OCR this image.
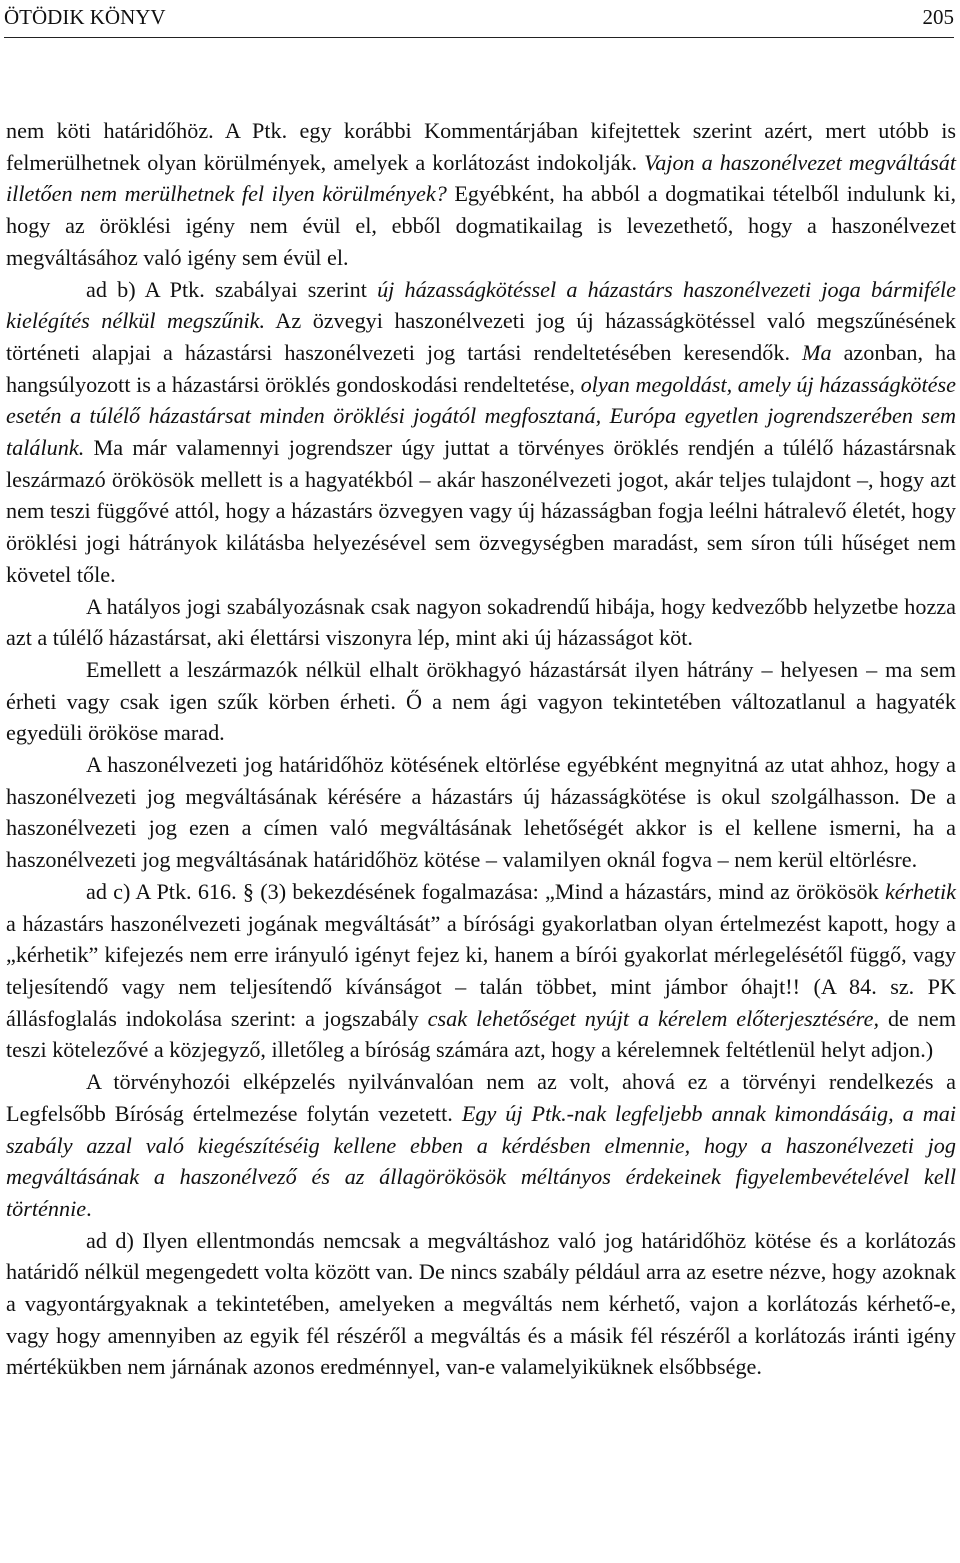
ÖTÖDIK KÖNYV	205

nem köti határidőhöz. A Ptk. egy korábbi Kommentárjában kifejtettek szerint azért, mert utóbb is felmerülhetnek olyan körülmények, amelyek a korlátozást indokolják. Vajon a haszonélvezet megváltását illetően nem merülhetnek fel ilyen körülmények? Egyébként, ha abból a dogmatikai tételből indulunk ki, hogy az öröklési igény nem évül el, ebből dogmatikailag is levezethető, hogy a haszonélvezet megváltásához való igény sem évül el.

ad b) A Ptk. szabályai szerint új házasságkötéssel a házastárs haszonélvezeti joga bármiféle kielégítés nélkül megszűnik. Az özvegyi haszonélvezeti jog új házasságkötéssel való megszűnésének történeti alapjai a házastársi haszonélvezeti jog tartási rendeltetésében keresendők. Ma azonban, ha hangsúlyozott is a házastársi öröklés gondoskodási rendeltetése, olyan megoldást, amely új házasságkötése esetén a túlélő házastársat minden öröklési jogától megfosztaná, Európa egyetlen jogrendszerében sem találunk. Ma már valamennyi jogrendszer úgy juttat a törvényes öröklés rendjén a túlélő házastársnak leszármazó örökösök mellett is a hagyatékból – akár haszonélvezeti jogot, akár teljes tulajdont –, hogy azt nem teszi függővé attól, hogy a házastárs özvegyen vagy új házasságban fogja leélni hátralevő életét, hogy öröklési jogi hátrányok kilátásba helyezésével sem özvegységben maradást, sem síron túli hűséget nem követel tőle.

A hatályos jogi szabályozásnak csak nagyon sokadrendű hibája, hogy kedvezőbb helyzetbe hozza azt a túlélő házastársat, aki élettársi viszonyra lép, mint aki új házasságot köt.

Emellett a leszármazók nélkül elhalt örökhagyó házastársát ilyen hátrány – helyesen – ma sem érheti vagy csak igen szűk körben érheti. Ő a nem ági vagyon tekintetében változatlanul a hagyaték egyedüli örököse marad.

A haszonélvezeti jog határidőhöz kötésének eltörlése egyébként megnyitná az utat ahhoz, hogy a haszonélvezeti jog megváltásának kérésére a házastárs új házasságkötése is okul szolgálhasson. De a haszonélvezeti jog ezen a címen való megváltásának lehetőségét akkor is el kellene ismerni, ha a haszonélvezeti jog megváltásának határidőhöz kötése – valamilyen oknál fogva – nem kerül eltörlésre.

ad c) A Ptk. 616. § (3) bekezdésének fogalmazása: „Mind a házastárs, mind az örökösök kérhetik a házastárs haszonélvezeti jogának megváltását” a bírósági gyakorlatban olyan értelmezést kapott, hogy a „kérhetik” kifejezés nem erre irányuló igényt fejez ki, hanem a bírói gyakorlat mérlegelésétől függő, vagy teljesítendő vagy nem teljesítendő kívánságot – talán többet, mint jámbor óhajt!! (A 84. sz. PK állásfoglalás indokolása szerint: a jogszabály csak lehetőséget nyújt a kérelem előterjesztésére, de nem teszi kötelezővé a közjegyző, illetőleg a bíróság számára azt, hogy a kérelemnek feltétlenül helyt adjon.)

A törvényhozói elképzelés nyilvánvalóan nem az volt, ahová ez a törvényi rendelkezés a Legfelsőbb Bíróság értelmezése folytán vezetett. Egy új Ptk.-nak legfeljebb annak kimondásáig, a mai szabály azzal való kiegészítéséig kellene ebben a kérdésben elmennie, hogy a haszonélvezeti jog megváltásának a haszonélvező és az állagörökösök méltányos érdekeinek figyelembevételével kell történnie.

ad d) Ilyen ellentmondás nemcsak a megváltáshoz való jog határidőhöz kötése és a korlátozás határidő nélkül megengedett volta között van. De nincs szabály például arra az esetre nézve, hogy azoknak a vagyontárgyaknak a tekintetében, amelyeken a megváltás nem kérhető, vajon a korlátozás kérhető-e, vagy hogy amennyiben az egyik fél részéről a megváltás és a másik fél részéről a korlátozás iránti igény mértékükben nem járnának azonos eredménnyel, van-e valamelyiküknek elsőbbsége.
